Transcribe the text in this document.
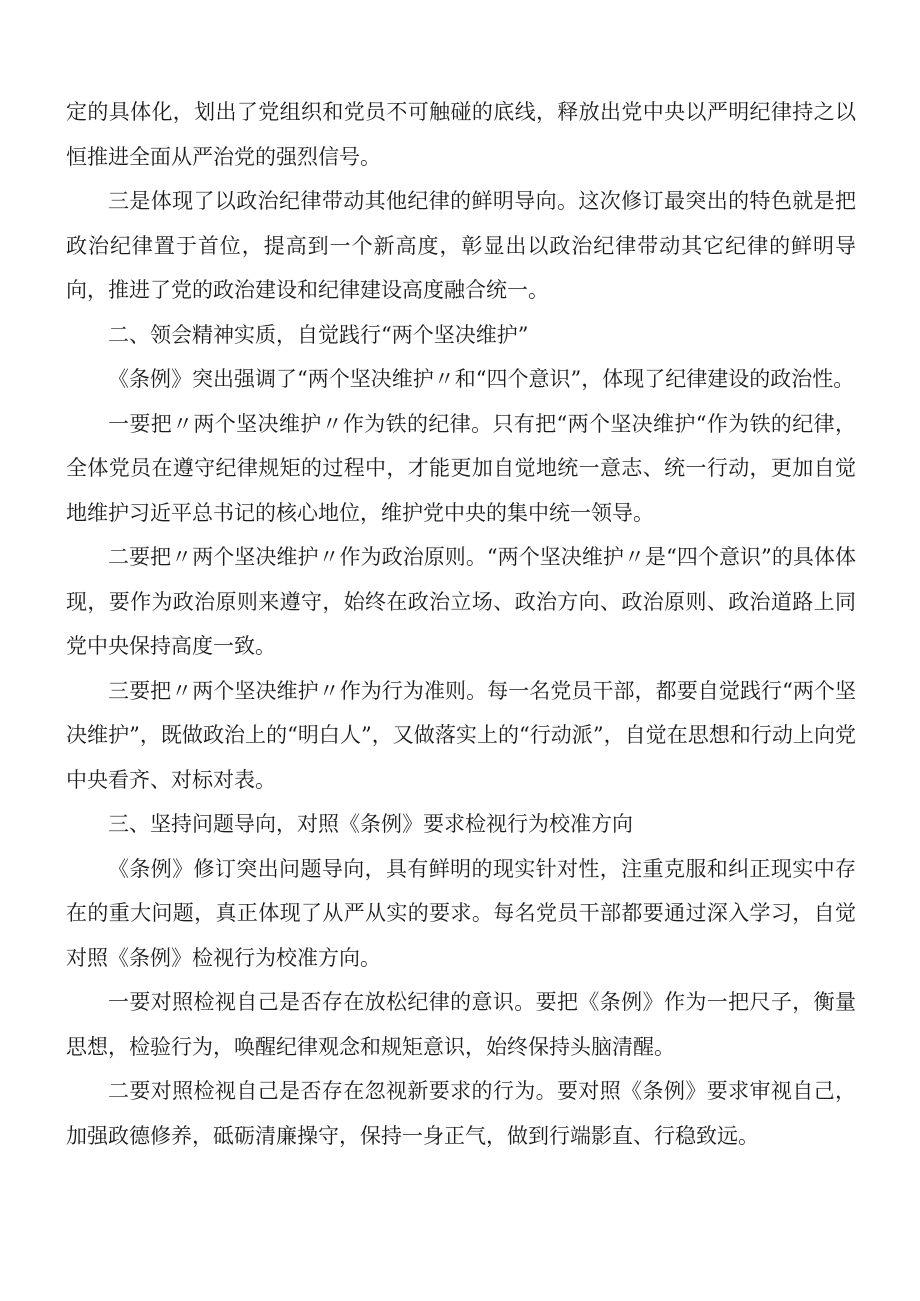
定的具体化，划出了党组织和党员不可触碰的底线，释放出党中央以严明纪律持之以恒推进全面从严治党的强烈信号。

三是体现了以政治纪律带动其他纪律的鲜明导向。这次修订最突出的特色就是把政治纪律置于首位，提高到一个新高度，彰显出以政治纪律带动其它纪律的鲜明导向，推进了党的政治建设和纪律建设高度融合统一。

二、领会精神实质，自觉践行“两个坚决维护”

《条例》突出强调了“两个坚决维护〃和“四个意识”，体现了纪律建设的政治性。

一要把〃两个坚决维护〃作为铁的纪律。只有把“两个坚决维护“作为铁的纪律，全体党员在遵守纪律规矩的过程中，才能更加自觉地统一意志、统一行动，更加自觉地维护习近平总书记的核心地位，维护党中央的集中统一领导。

二要把〃两个坚决维护〃作为政治原则。“两个坚决维护〃是“四个意识”的具体体现，要作为政治原则来遵守，始终在政治立场、政治方向、政治原则、政治道路上同党中央保持高度一致。

三要把〃两个坚决维护〃作为行为准则。每一名党员干部，都要自觉践行“两个坚决维护”，既做政治上的“明白人”，又做落实上的“行动派”，自觉在思想和行动上向党中央看齐、对标对表。

三、坚持问题导向，对照《条例》要求检视行为校准方向

《条例》修订突出问题导向，具有鲜明的现实针对性，注重克服和纠正现实中存在的重大问题，真正体现了从严从实的要求。每名党员干部都要通过深入学习，自觉对照《条例》检视行为校准方向。

一要对照检视自己是否存在放松纪律的意识。要把《条例》作为一把尺子，衡量思想，检验行为，唤醒纪律观念和规矩意识，始终保持头脑清醒。

二要对照检视自己是否存在忽视新要求的行为。要对照《条例》要求审视自己，加强政德修养，砥砺清廉操守，保持一身正气，做到行端影直、行稳致远。
